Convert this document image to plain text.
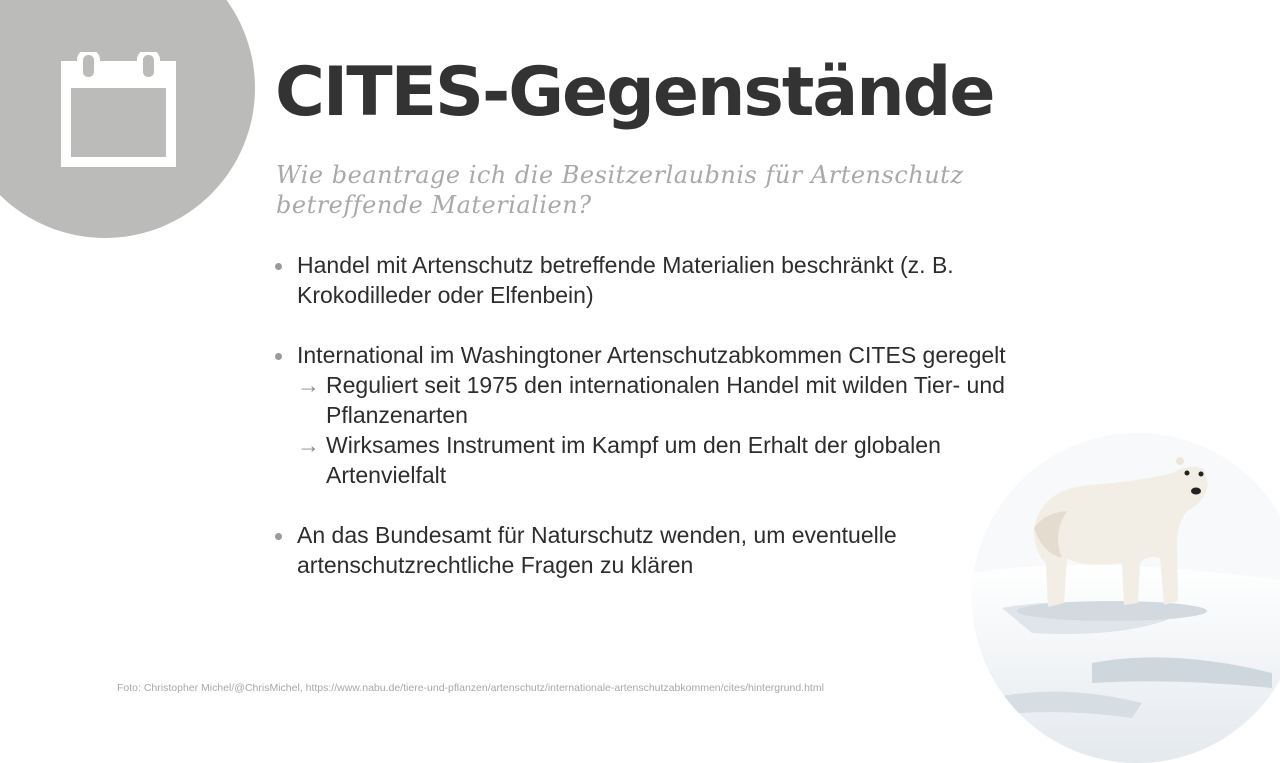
CITES-Gegenstände

Wie beantrage ich die Besitzerlaubnis für Artenschutz betreffende Materialien?

Handel mit Artenschutz betreffende Materialien beschränkt (z. B. Krokodilleder oder Elfenbein)
International im Washingtoner Artenschutzabkommen CITES geregelt
→ Reguliert seit 1975 den internationalen Handel mit wilden Tier- und Pflanzenarten
→ Wirksames Instrument im Kampf um den Erhalt der globalen Artenvielfalt
An das Bundesamt für Naturschutz wenden, um eventuelle artenschutzrechtliche Fragen zu klären

Foto: Christopher Michel/@ChrisMichel, https://www.nabu.de/tiere-und-pflanzen/artenschutz/internationale-artenschutzabkommen/cites/hintergrund.html
